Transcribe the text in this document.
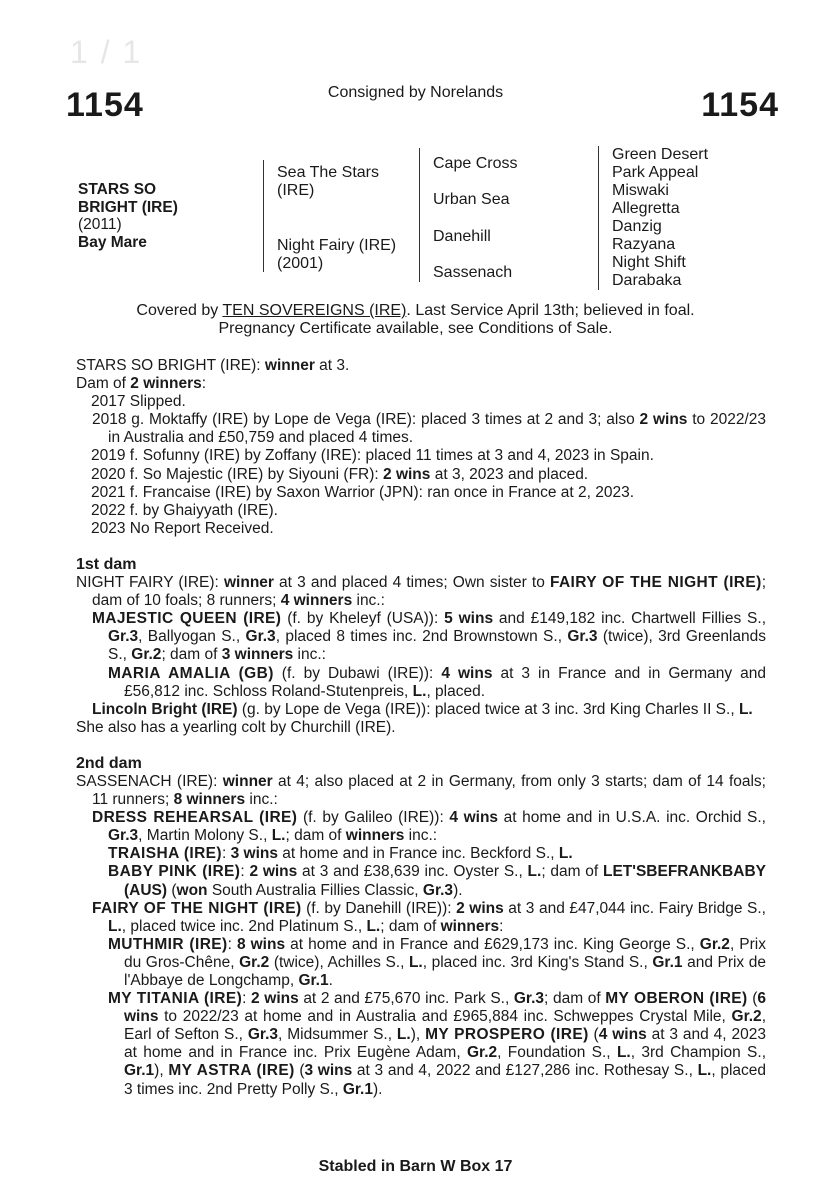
1 / 1
1154	1154
Consigned by Norelands
STARS SO
BRIGHT (IRE)
(2011)
Bay Mare
Sea The Stars
(IRE)
Night Fairy (IRE)
(2001)
Cape Cross
Urban Sea
Danehill
Sassenach
Green Desert
Park Appeal
Miswaki
Allegretta
Danzig
Razyana
Night Shift
Darabaka
Covered by TEN SOVEREIGNS (IRE). Last Service April 13th; believed in foal.
Pregnancy Certificate available, see Conditions of Sale.

STARS SO BRIGHT (IRE): winner at 3.

Dam of 2 winners:

2017 Slipped.

2018 g. Moktaffy (IRE) by Lope de Vega (IRE): placed 3 times at 2 and 3; also 2 wins to 2022/23 in Australia and £50,759 and placed 4 times.

2019 f. Sofunny (IRE) by Zoffany (IRE): placed 11 times at 3 and 4, 2023 in Spain.

2020 f. So Majestic (IRE) by Siyouni (FR): 2 wins at 3, 2023 and placed.

2021 f. Francaise (IRE) by Saxon Warrior (JPN): ran once in France at 2, 2023.

2022 f. by Ghaiyyath (IRE).

2023 No Report Received.

1st dam

NIGHT FAIRY (IRE): winner at 3 and placed 4 times; Own sister to FAIRY OF THE NIGHT (IRE); dam of 10 foals; 8 runners; 4 winners inc.:

MAJESTIC QUEEN (IRE) (f. by Kheleyf (USA)): 5 wins and £149,182 inc. Chartwell Fillies S., Gr.3, Ballyogan S., Gr.3, placed 8 times inc. 2nd Brownstown S., Gr.3 (twice), 3rd Greenlands S., Gr.2; dam of 3 winners inc.:

MARIA AMALIA (GB) (f. by Dubawi (IRE)): 4 wins at 3 in France and in Germany and £56,812 inc. Schloss Roland-Stutenpreis, L., placed.

Lincoln Bright (IRE) (g. by Lope de Vega (IRE)): placed twice at 3 inc. 3rd King Charles II S., L.

She also has a yearling colt by Churchill (IRE).

2nd dam

SASSENACH (IRE): winner at 4; also placed at 2 in Germany, from only 3 starts; dam of 14 foals; 11 runners; 8 winners inc.:

DRESS REHEARSAL (IRE) (f. by Galileo (IRE)): 4 wins at home and in U.S.A. inc. Orchid S., Gr.3, Martin Molony S., L.; dam of winners inc.:

TRAISHA (IRE): 3 wins at home and in France inc. Beckford S., L.

BABY PINK (IRE): 2 wins at 3 and £38,639 inc. Oyster S., L.; dam of LET'SBEFRANKBABY (AUS) (won South Australia Fillies Classic, Gr.3).

FAIRY OF THE NIGHT (IRE) (f. by Danehill (IRE)): 2 wins at 3 and £47,044 inc. Fairy Bridge S., L., placed twice inc. 2nd Platinum S., L.; dam of winners:

MUTHMIR (IRE): 8 wins at home and in France and £629,173 inc. King George S., Gr.2, Prix du Gros-Chêne, Gr.2 (twice), Achilles S., L., placed inc. 3rd King's Stand S., Gr.1 and Prix de l'Abbaye de Longchamp, Gr.1.

MY TITANIA (IRE): 2 wins at 2 and £75,670 inc. Park S., Gr.3; dam of MY OBERON (IRE) (6 wins to 2022/23 at home and in Australia and £965,884 inc. Schweppes Crystal Mile, Gr.2, Earl of Sefton S., Gr.3, Midsummer S., L.), MY PROSPERO (IRE) (4 wins at 3 and 4, 2023 at home and in France inc. Prix Eugène Adam, Gr.2, Foundation S., L., 3rd Champion S., Gr.1), MY ASTRA (IRE) (3 wins at 3 and 4, 2022 and £127,286 inc. Rothesay S., L., placed 3 times inc. 2nd Pretty Polly S., Gr.1).

Stabled in Barn W Box 17
